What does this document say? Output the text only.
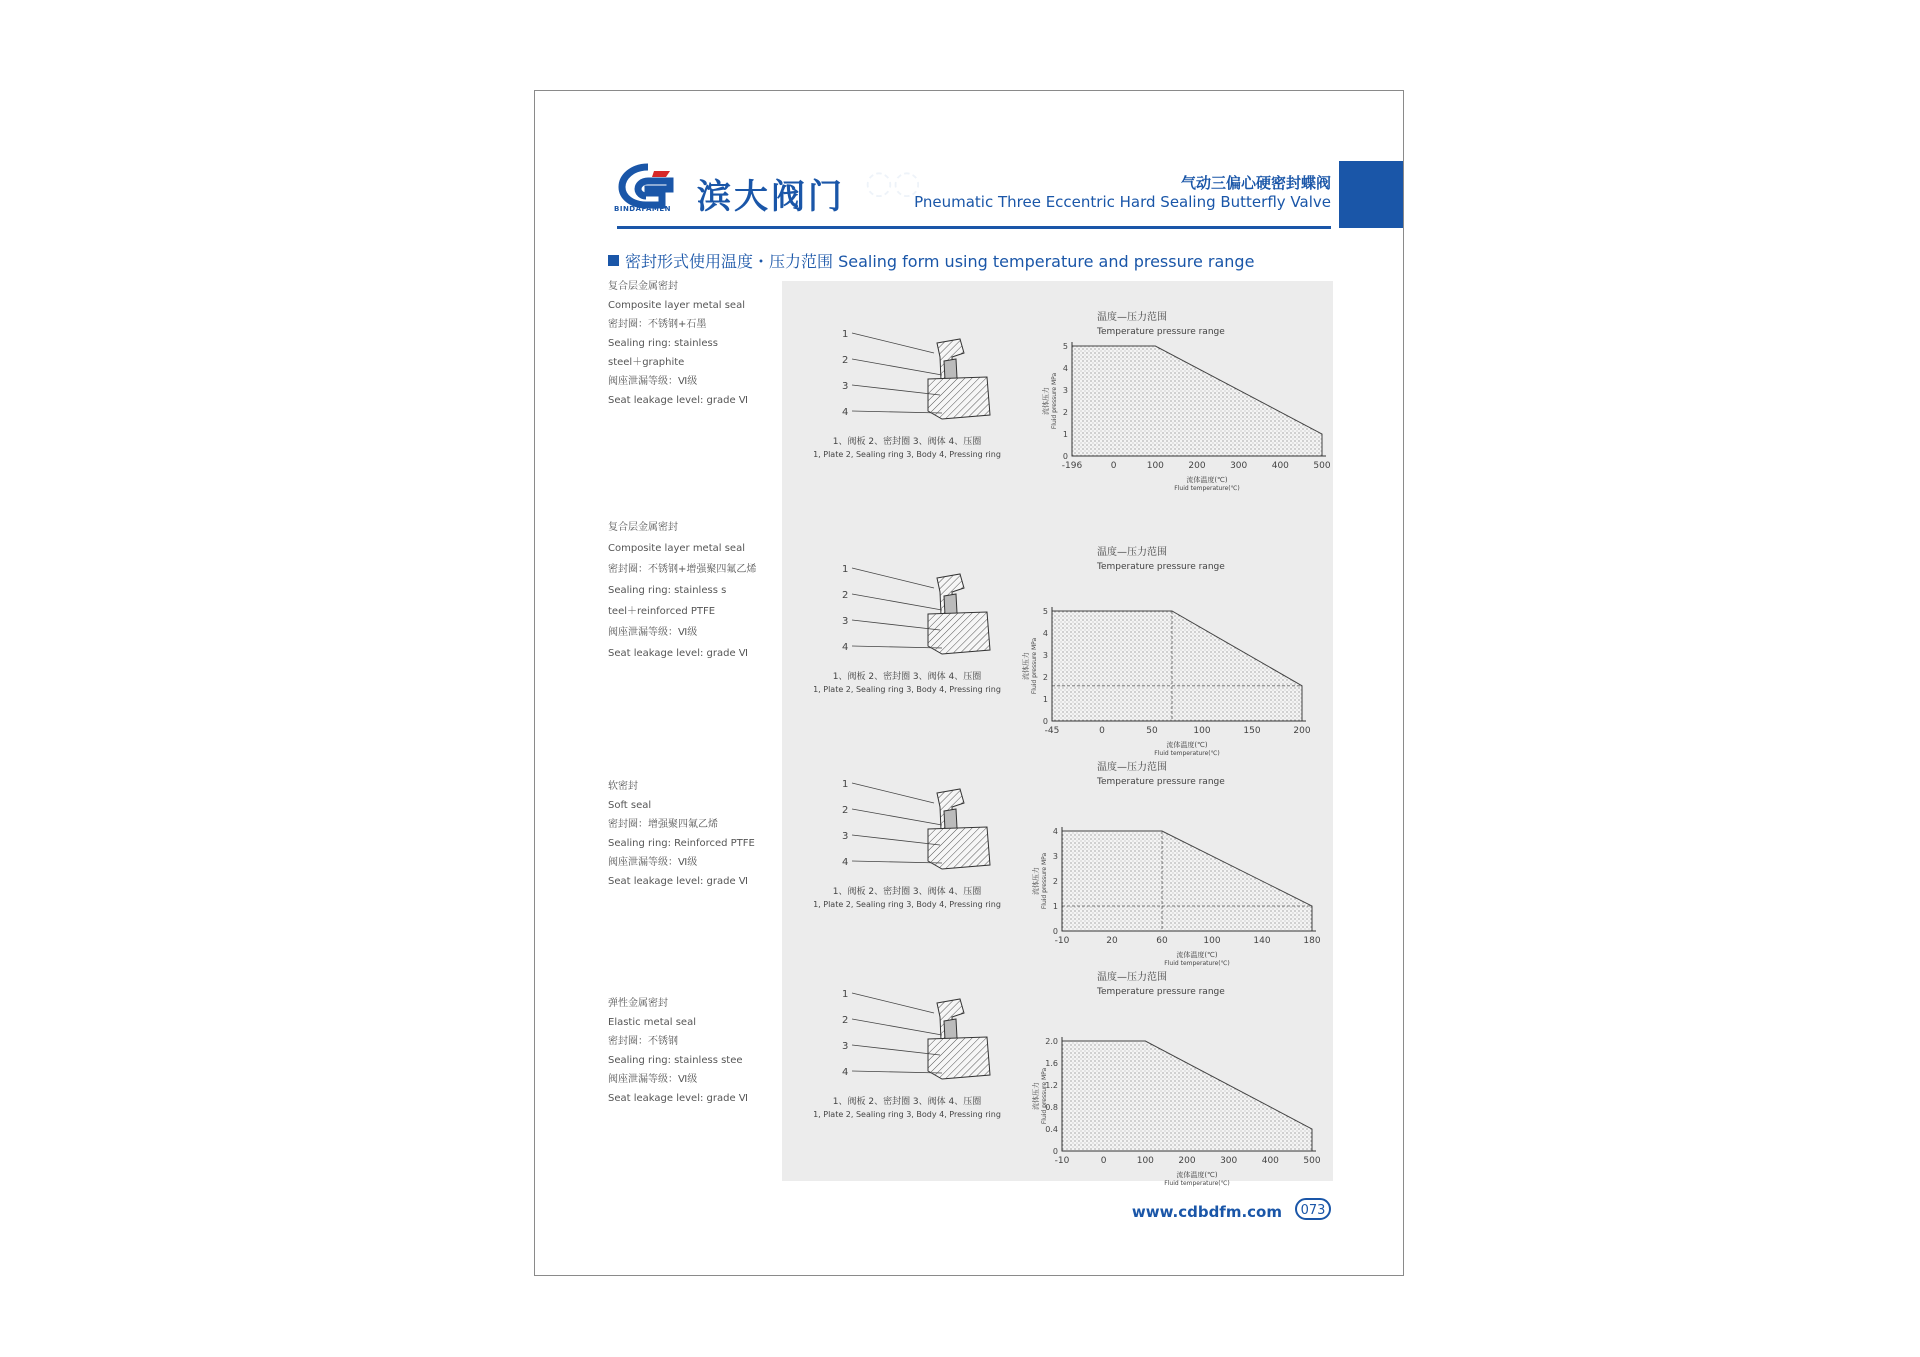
BINDAFAMEN 滨大阀门 ◌◌	气动三偏心硬密封蝶阀
Pneumatic Three Eccentric Hard Sealing Butterfly Valve
密封形式使用温度・压力范围 Sealing form using temperature and pressure range
复合层金属密封
Composite layer metal seal
密封圈：不锈钢+石墨
Sealing ring: stainless
steel＋graphite
阀座泄漏等级：Ⅵ级
Seat leakage level: grade Ⅵ
复合层金属密封
Composite layer metal seal
密封圈：不锈钢+增强聚四氟乙烯
Sealing ring: stainless s
teel＋reinforced PTFE
阀座泄漏等级：Ⅵ级
Seat leakage level: grade Ⅵ
软密封
Soft seal
密封圈：增强聚四氟乙烯
Sealing ring: Reinforced PTFE
阀座泄漏等级：Ⅵ级
Seat leakage level: grade Ⅵ
弹性金属密封
Elastic metal seal
密封圈：不锈钢
Sealing ring: stainless stee
阀座泄漏等级：Ⅵ级
Seat leakage level: grade Ⅵ
1
2
3
4
1、阀板 2、密封圈 3、阀体 4、压圈
1, Plate 2, Sealing ring 3, Body 4, Pressing ring
温度—压力范围
Temperature pressure range
-196	0	100	200	300	400	500
0
1
2
3
4
5
流体温度(℃)
Fluid temperature(℃)
流体压力 Fluid pressure MPa
1
2
3
4
1、阀板 2、密封圈 3、阀体 4、压圈
1, Plate 2, Sealing ring 3, Body 4, Pressing ring
温度—压力范围
Temperature pressure range
-45	0	50	100	150	200
0
1
2
3
4
5
流体温度(℃)
Fluid temperature(℃)
流体压力 Fluid pressure MPa
1
2
3
4
1、阀板 2、密封圈 3、阀体 4、压圈
1, Plate 2, Sealing ring 3, Body 4, Pressing ring
温度—压力范围
Temperature pressure range
-10	20	60	100	140	180
0
1
2
3
4
流体温度(℃)
Fluid temperature(℃)
流体压力 Fluid pressure MPa
1
2
3
4
1、阀板 2、密封圈 3、阀体 4、压圈
1, Plate 2, Sealing ring 3, Body 4, Pressing ring
温度—压力范围
Temperature pressure range
-10	0	100	200	300	400	500
0
0.4
0.8
1.2
1.6
2.0
流体温度(℃)
Fluid temperature(℃)
流体压力 Fluid pressure MPa
www.cdbdfm.com	073
